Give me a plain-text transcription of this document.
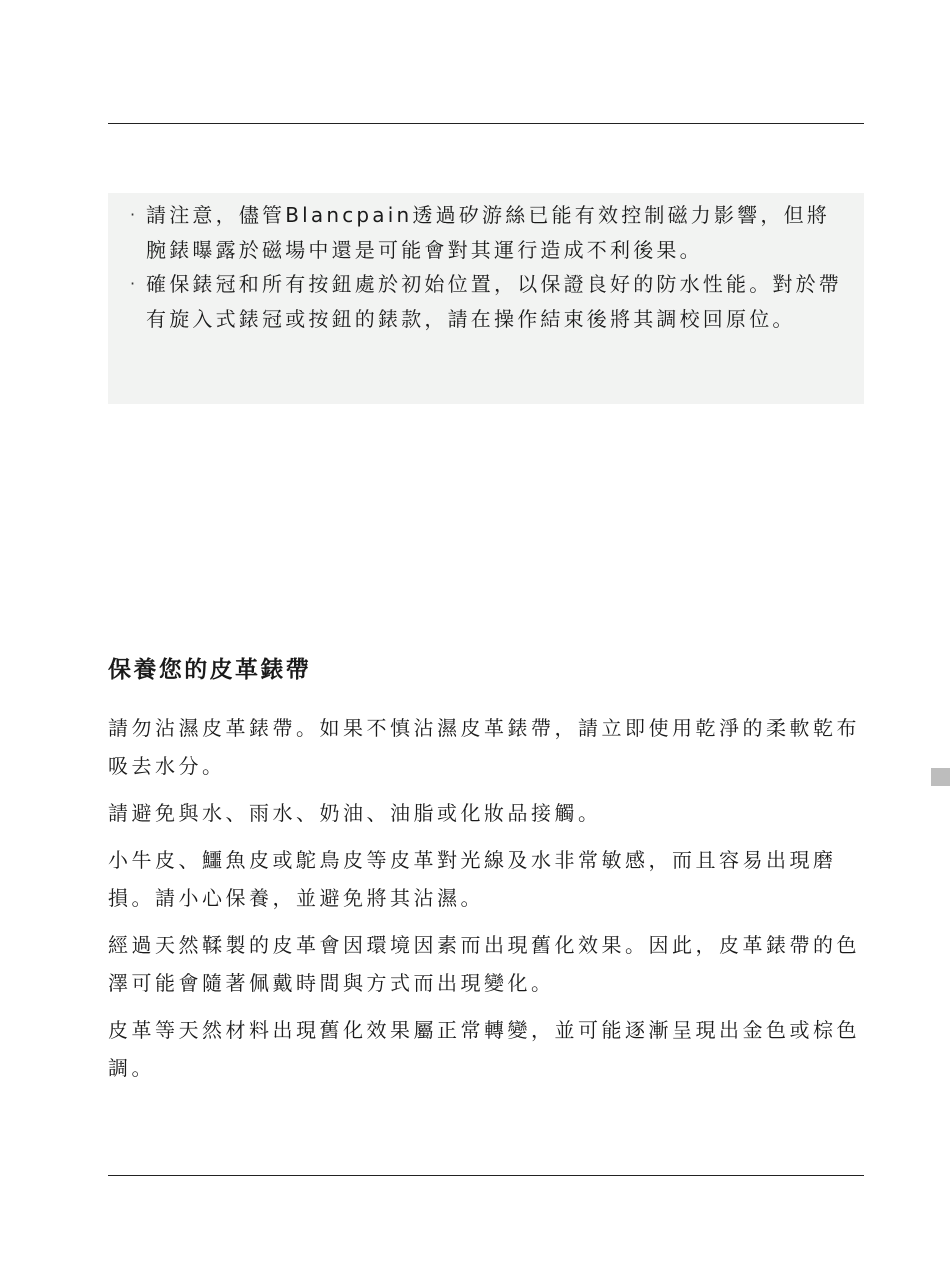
· 請注意，儘管Blancpain透過矽游絲已能有效控制磁力影響，但將腕錶曝露於磁場中還是可能會對其運行造成不利後果。
· 確保錶冠和所有按鈕處於初始位置，以保證良好的防水性能。對於帶有旋入式錶冠或按鈕的錶款，請在操作結束後將其調校回原位。
保養您的皮革錶帶

請勿沾濕皮革錶帶。如果不慎沾濕皮革錶帶，請立即使用乾淨的柔軟乾布吸去水分。

請避免與水、雨水、奶油、油脂或化妝品接觸。

小牛皮、鱷魚皮或鴕鳥皮等皮革對光線及水非常敏感，而且容易出現磨損。請小心保養，並避免將其沾濕。

經過天然鞣製的皮革會因環境因素而出現舊化效果。因此，皮革錶帶的色澤可能會隨著佩戴時間與方式而出現變化。

皮革等天然材料出現舊化效果屬正常轉變，並可能逐漸呈現出金色或棕色調。
